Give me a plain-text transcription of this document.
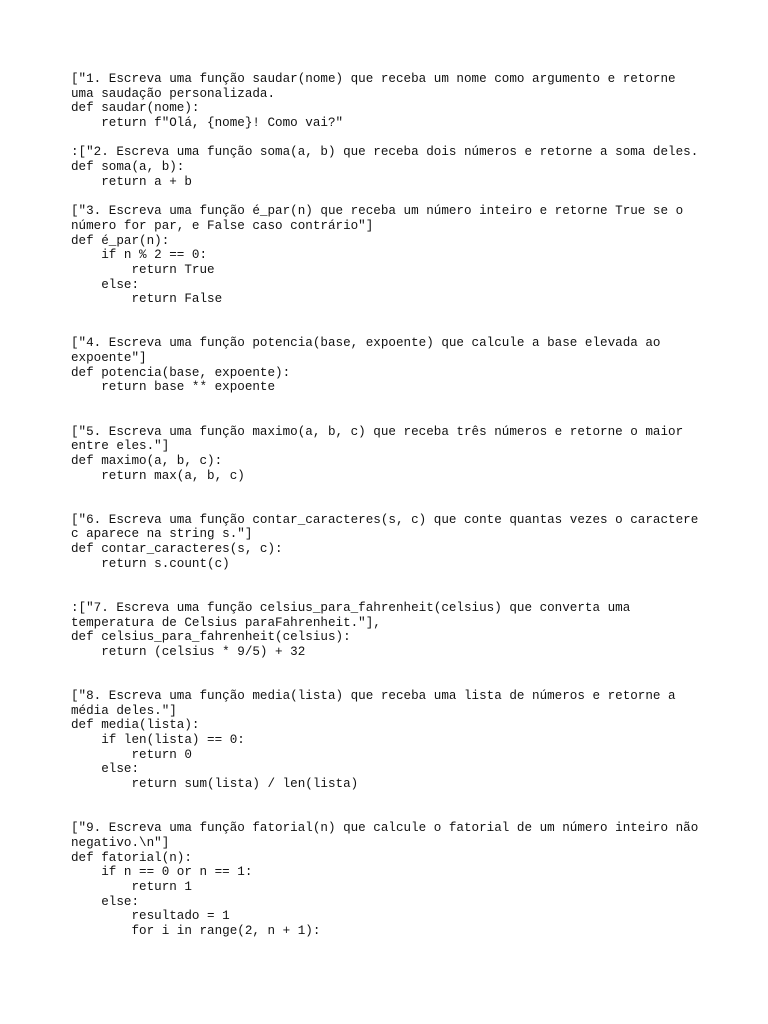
["1. Escreva uma função saudar(nome) que receba um nome como argumento e retorne
uma saudação personalizada.
def saudar(nome):
return f"Olá, {nome}! Como vai?"
:["2. Escreva uma função soma(a, b) que receba dois números e retorne a soma deles.
def soma(a, b):
return a + b
["3. Escreva uma função é_par(n) que receba um número inteiro e retorne True se o
número for par, e False caso contrário"]
def é_par(n):
if n % 2 == 0:
return True
else:
return False
["4. Escreva uma função potencia(base, expoente) que calcule a base elevada ao
expoente"]
def potencia(base, expoente):
return base ** expoente
["5. Escreva uma função maximo(a, b, c) que receba três números e retorne o maior
entre eles."]
def maximo(a, b, c):
return max(a, b, c)
["6. Escreva uma função contar_caracteres(s, c) que conte quantas vezes o caractere
c aparece na string s."]
def contar_caracteres(s, c):
return s.count(c)
:["7. Escreva uma função celsius_para_fahrenheit(celsius) que converta uma
temperatura de Celsius paraFahrenheit."],
def celsius_para_fahrenheit(celsius):
return (celsius * 9/5) + 32
["8. Escreva uma função media(lista) que receba uma lista de números e retorne a
média deles."]
def media(lista):
if len(lista) == 0:
return 0
else:
return sum(lista) / len(lista)
["9. Escreva uma função fatorial(n) que calcule o fatorial de um número inteiro não
negativo.\n"]
def fatorial(n):
if n == 0 or n == 1:
return 1
else:
resultado = 1
for i in range(2, n + 1):
